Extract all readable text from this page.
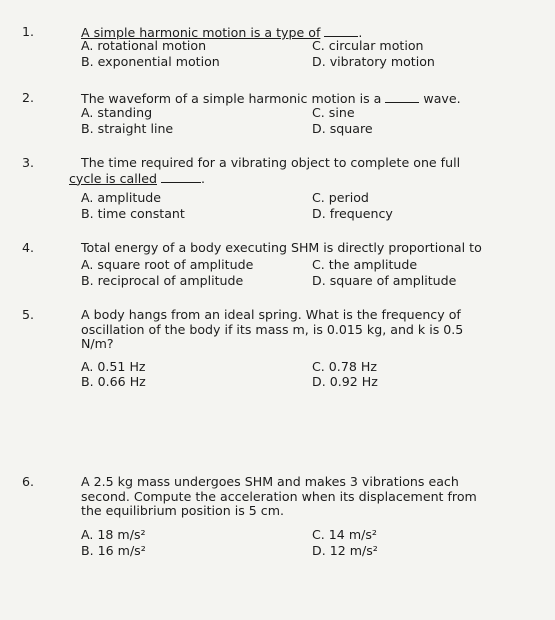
1.	A simple harmonic motion is a type of	.
A. rotational motion
B. exponential motion
C. circular motion
D. vibratory motion
2.	The waveform of a simple harmonic motion is a	wave.
A. standing
B. straight line
C. sine
D. square
3.	The time required for a vibrating object to complete one full
cycle is called	.
A. amplitude
B. time constant
C. period
D. frequency
4.	Total energy of a body executing SHM is directly proportional to
A. square root of amplitude
B. reciprocal of amplitude
C. the amplitude
D. square of amplitude
5.	A body hangs from an ideal spring. What is the frequency of
oscillation of the body if its mass m, is 0.015 kg, and k is 0.5
N/m?
A. 0.51 Hz
B. 0.66 Hz
C. 0.78 Hz
D. 0.92 Hz
6.	A 2.5 kg mass undergoes SHM and makes 3 vibrations each
second. Compute the acceleration when its displacement from
the equilibrium position is 5 cm.
A. 18 m/s²
B. 16 m/s²
C. 14 m/s²
D. 12 m/s²
